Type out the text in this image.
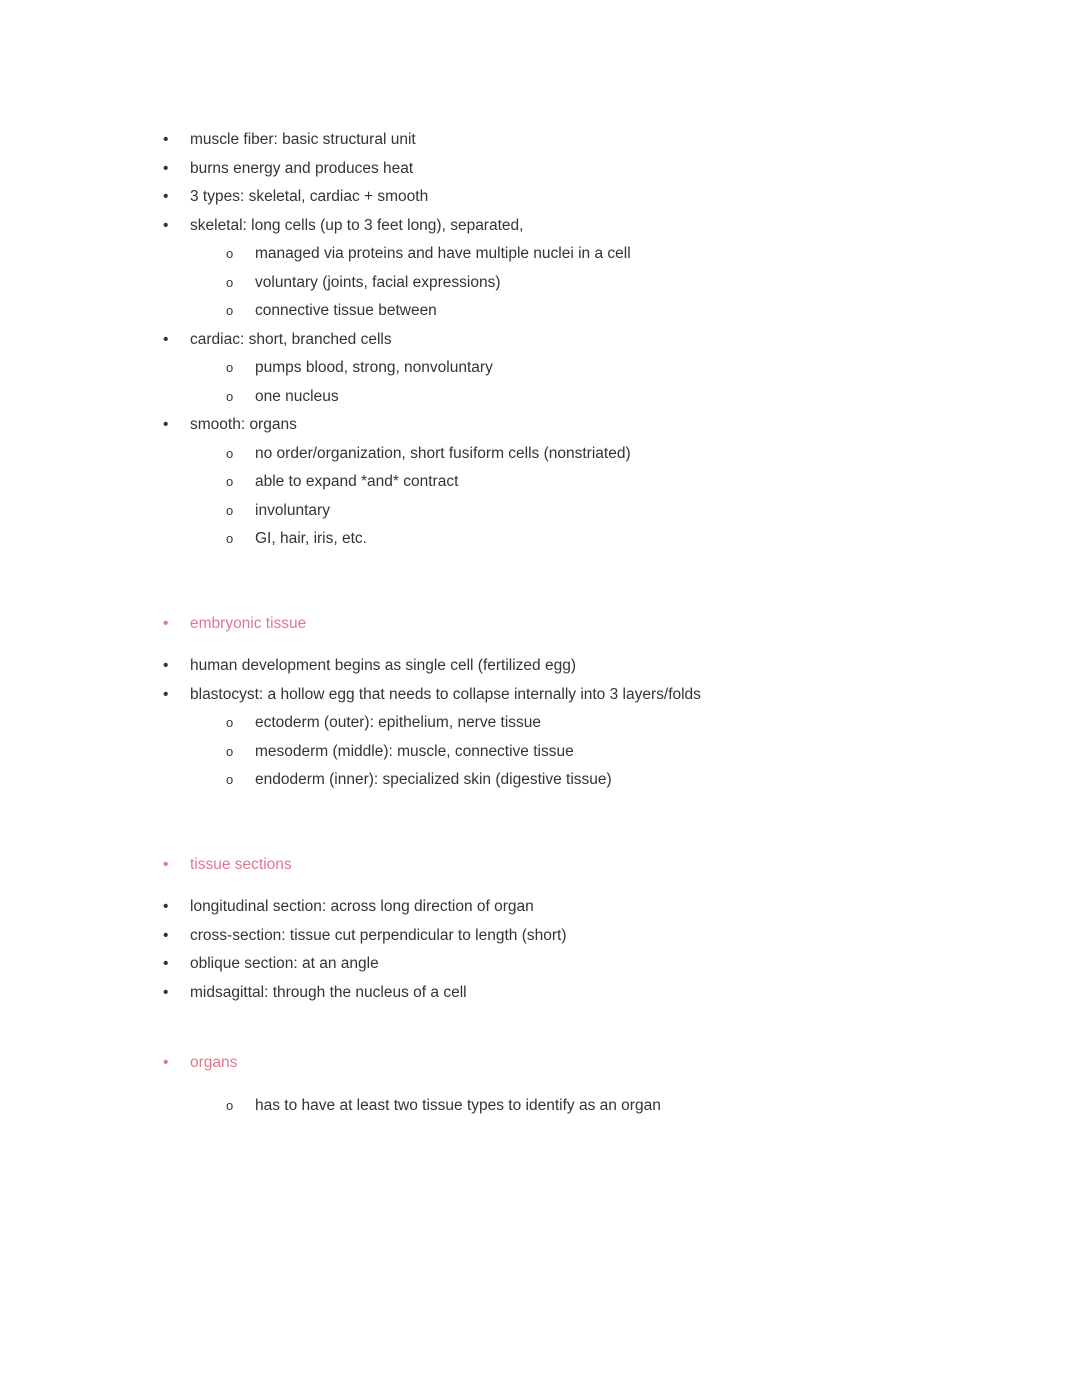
• muscle fiber: basic structural unit
• burns energy and produces heat
• 3 types: skeletal, cardiac + smooth
• skeletal: long cells (up to 3 feet long), separated,
o managed via proteins and have multiple nuclei in a cell
o voluntary (joints, facial expressions)
o connective tissue between
• cardiac: short, branched cells
o pumps blood, strong, nonvoluntary
o one nucleus
• smooth: organs
o no order/organization, short fusiform cells (nonstriated)
o able to expand *and* contract
o involuntary
o GI, hair, iris, etc.
• embryonic tissue
• human development begins as single cell (fertilized egg)
• blastocyst: a hollow egg that needs to collapse internally into 3 layers/folds
o ectoderm (outer): epithelium, nerve tissue
o mesoderm (middle): muscle, connective tissue
o endoderm (inner): specialized skin (digestive tissue)
• tissue sections
• longitudinal section: across long direction of organ
• cross-section: tissue cut perpendicular to length (short)
• oblique section: at an angle
• midsagittal: through the nucleus of a cell
• organs
o has to have at least two tissue types to identify as an organ
